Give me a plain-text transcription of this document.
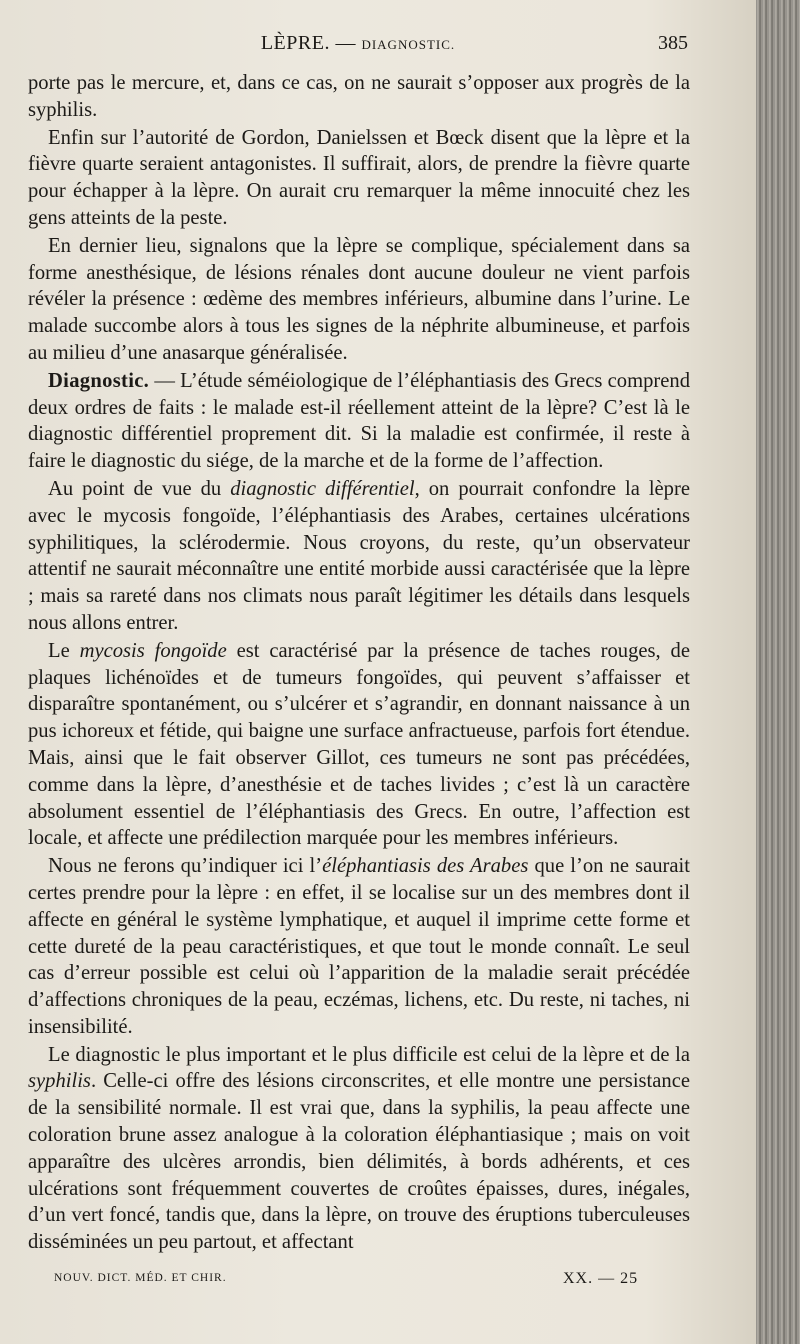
LÈPRE. — DIAGNOSTIC.	385

porte pas le mercure, et, dans ce cas, on ne saurait s’opposer aux progrès de la syphilis.

Enfin sur l’autorité de Gordon, Danielssen et Bœck disent que la lèpre et la fièvre quarte seraient antagonistes. Il suffirait, alors, de prendre la fièvre quarte pour échapper à la lèpre. On aurait cru remarquer la même innocuité chez les gens atteints de la peste.

En dernier lieu, signalons que la lèpre se complique, spécialement dans sa forme anesthésique, de lésions rénales dont aucune douleur ne vient parfois révéler la présence : œdème des membres inférieurs, albumine dans l’urine. Le malade succombe alors à tous les signes de la néphrite albumineuse, et parfois au milieu d’une anasarque généralisée.

Diagnostic. — L’étude séméiologique de l’éléphantiasis des Grecs comprend deux ordres de faits : le malade est-il réellement atteint de la lèpre? C’est là le diagnostic différentiel proprement dit. Si la maladie est confirmée, il reste à faire le diagnostic du siége, de la marche et de la forme de l’affection.

Au point de vue du diagnostic différentiel, on pourrait confondre la lèpre avec le mycosis fongoïde, l’éléphantiasis des Arabes, certaines ulcérations syphilitiques, la sclérodermie. Nous croyons, du reste, qu’un observateur attentif ne saurait méconnaître une entité morbide aussi caractérisée que la lèpre ; mais sa rareté dans nos climats nous paraît légitimer les détails dans lesquels nous allons entrer.

Le mycosis fongoïde est caractérisé par la présence de taches rouges, de plaques lichénoïdes et de tumeurs fongoïdes, qui peuvent s’affaisser et disparaître spontanément, ou s’ulcérer et s’agrandir, en donnant naissance à un pus ichoreux et fétide, qui baigne une surface anfractueuse, parfois fort étendue. Mais, ainsi que le fait observer Gillot, ces tumeurs ne sont pas précédées, comme dans la lèpre, d’anesthésie et de taches livides ; c’est là un caractère absolument essentiel de l’éléphantiasis des Grecs. En outre, l’affection est locale, et affecte une prédilection marquée pour les membres inférieurs.

Nous ne ferons qu’indiquer ici l’éléphantiasis des Arabes que l’on ne saurait certes prendre pour la lèpre : en effet, il se localise sur un des membres dont il affecte en général le système lymphatique, et auquel il imprime cette forme et cette dureté de la peau caractéristiques, et que tout le monde connaît. Le seul cas d’erreur possible est celui où l’apparition de la maladie serait précédée d’affections chroniques de la peau, eczémas, lichens, etc. Du reste, ni taches, ni insensibilité.

Le diagnostic le plus important et le plus difficile est celui de la lèpre et de la syphilis. Celle-ci offre des lésions circonscrites, et elle montre une persistance de la sensibilité normale. Il est vrai que, dans la syphilis, la peau affecte une coloration brune assez analogue à la coloration éléphantiasique ; mais on voit apparaître des ulcères arrondis, bien délimités, à bords adhérents, et ces ulcérations sont fréquemment couvertes de croûtes épaisses, dures, inégales, d’un vert foncé, tandis que, dans la lèpre, on trouve des éruptions tuberculeuses disséminées un peu partout, et affectant

NOUV. DICT. MÉD. ET CHIR.	XX. — 25
